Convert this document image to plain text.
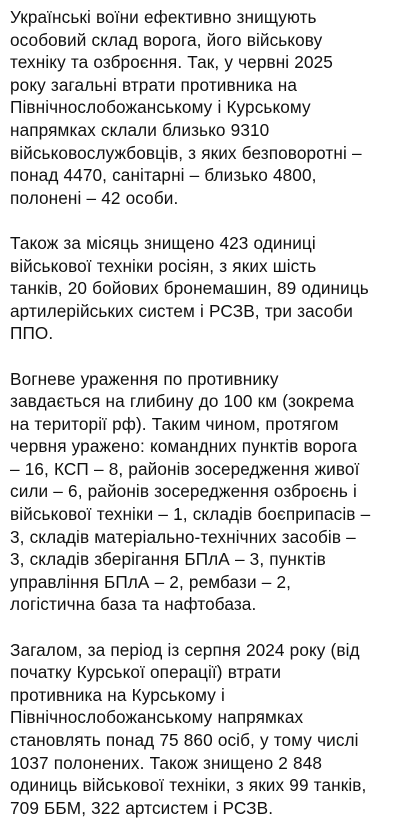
Українські воїни ефективно знищують
особовий склад ворога, його військову
техніку та озброєння. Так, у червні 2025
року загальні втрати противника на
Північнослобожанському і Курському
напрямках склали близько 9310
військовослужбовців, з яких безповоротні –
понад 4470, санітарні – близько 4800,
полонені – 42 особи.

Також за місяць знищено 423 одиниці
військової техніки росіян, з яких шість
танків, 20 бойових бронемашин, 89 одиниць
артилерійських систем і РСЗВ, три засоби
ППО.

Вогневе ураження по противнику
завдається на глибину до 100 км (зокрема
на території рф). Таким чином, протягом
червня уражено: командних пунктів ворога
– 16, КСП – 8, районів зосередження живої
сили – 6, районів зосередження озброєнь і
військової техніки – 1, складів боєприпасів –
3, складів матеріально-технічних засобів –
3, складів зберігання БПлА – 3, пунктів
управління БПлА – 2, рембази – 2,
логістична база та нафтобаза.

Загалом, за період із серпня 2024 року (від
початку Курської операції) втрати
противника на Курському і
Північнослобожанському напрямках
становлять понад 75 860 осіб, у тому числі
1037 полонених. Також знищено 2 848
одиниць військової техніки, з яких 99 танків,
709 ББМ, 322 артсистем і РСЗВ.
